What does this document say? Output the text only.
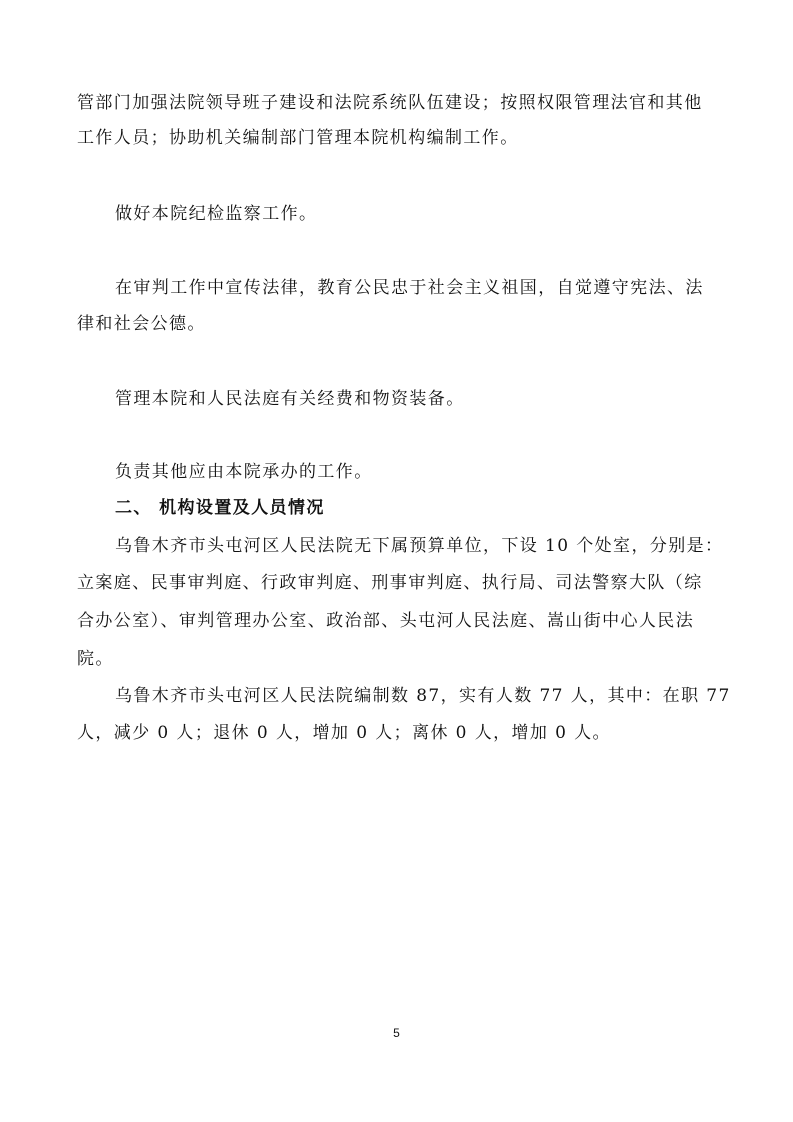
管部门加强法院领导班子建设和法院系统队伍建设；按照权限管理法官和其他
工作人员；协助机关编制部门管理本院机构编制工作。
做好本院纪检监察工作。
在审判工作中宣传法律，教育公民忠于社会主义祖国，自觉遵守宪法、法
律和社会公德。
管理本院和人民法庭有关经费和物资装备。
负责其他应由本院承办的工作。
二、 机构设置及人员情况
乌鲁木齐市头屯河区人民法院无下属预算单位，下设 10 个处室，分别是：
立案庭、民事审判庭、行政审判庭、刑事审判庭、执行局、司法警察大队（综
合办公室）、审判管理办公室、政治部、头屯河人民法庭、嵩山街中心人民法
院。
乌鲁木齐市头屯河区人民法院编制数 87，实有人数 77 人，其中：在职 77
人，减少 0 人；退休 0 人，增加 0 人；离休 0 人，增加 0 人。
5
